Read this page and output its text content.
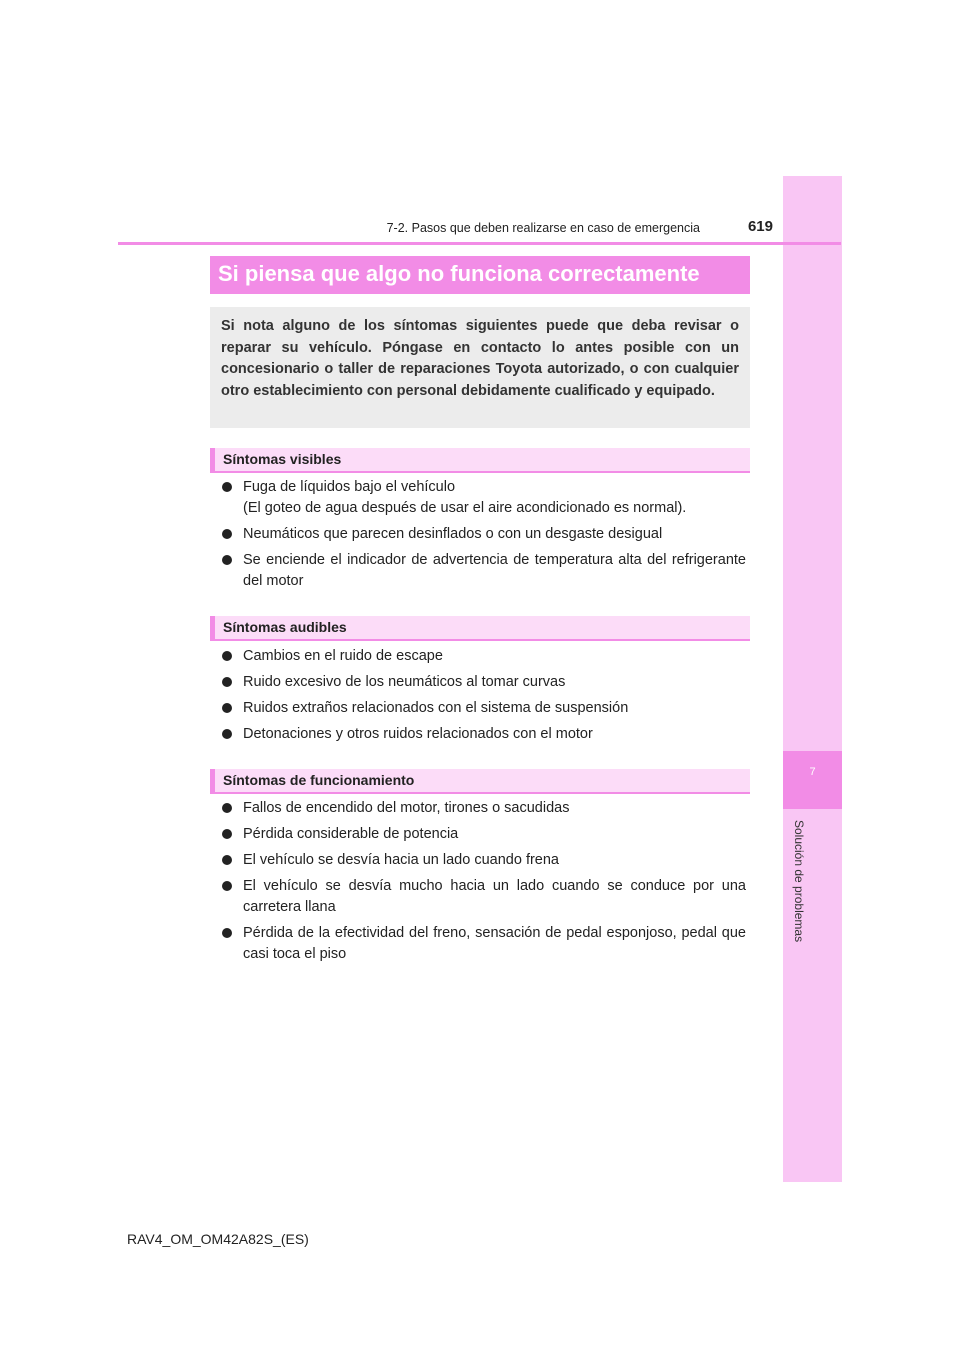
7
Solución de problemas
7-2. Pasos que deben realizarse en caso de emergencia	619
Si piensa que algo no funciona correctamente
Si nota alguno de los síntomas siguientes puede que deba revisar o reparar su vehículo. Póngase en contacto lo antes posible con un concesionario o taller de reparaciones Toyota autorizado, o con cualquier otro establecimiento con personal debidamente cualificado y equipado.
Síntomas visibles
Fuga de líquidos bajo el vehículo
(El goteo de agua después de usar el aire acondicionado es normal).
Neumáticos que parecen desinflados o con un desgaste desigual
Se enciende el indicador de advertencia de temperatura alta del refrigerante del motor
Síntomas audibles
Cambios en el ruido de escape
Ruido excesivo de los neumáticos al tomar curvas
Ruidos extraños relacionados con el sistema de suspensión
Detonaciones y otros ruidos relacionados con el motor
Síntomas de funcionamiento
Fallos de encendido del motor, tirones o sacudidas
Pérdida considerable de potencia
El vehículo se desvía hacia un lado cuando frena
El vehículo se desvía mucho hacia un lado cuando se conduce por una carretera llana
Pérdida de la efectividad del freno, sensación de pedal esponjoso, pedal que casi toca el piso
RAV4_OM_OM42A82S_(ES)
